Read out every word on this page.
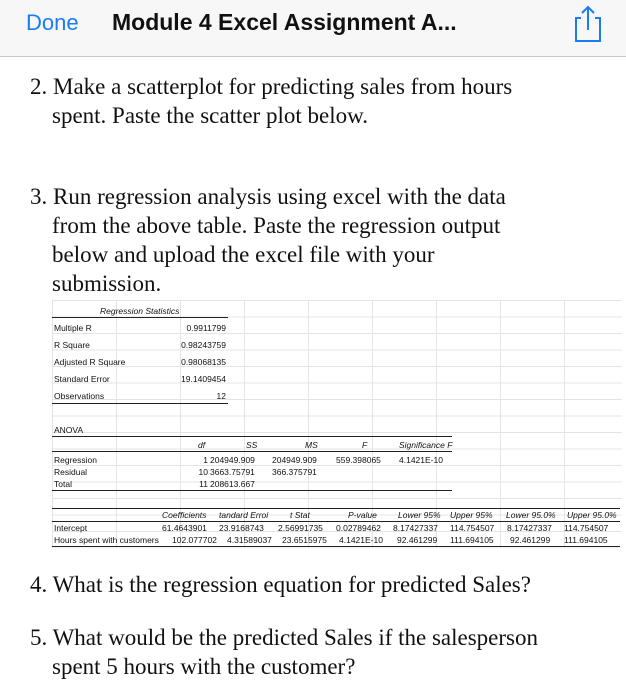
Done Module 4 Excel Assignment A...
2. Make a scatterplot for predicting sales from hours
spent. Paste the scatter plot below.
3. Run regression analysis using excel with the data
from the above table. Paste the regression output
below and upload the excel file with your
submission.
Regression Statistics
Multiple R	0.9911799
R Square	0.98243759
Adjusted R Square	0.98068135
Standard Error	19.1409454
Observations	12
ANOVA
df	SS	MS	F	Significance F
Regression	1 204949.909 204949.909 559.398065 4.1421E-10
Residual	10 3663.75791 366.375791
Total	11 208613.667
Coefficients tandard Erroi	t Stat	P-value Lower 95% Upper 95% Lower 95.0% Upper 95.0%
Intercept	61.4643901 23.9168743 2.56991735 0.02789462 8.17427337 114.754507 8.17427337 114.754507
Hours spent with customers 102.077702 4.31589037 23.6515975 4.1421E-10 92.461299 111.694105 92.461299 111.694105
4. What is the regression equation for predicted Sales?
5. What would be the predicted Sales if the salesperson
spent 5 hours with the customer?
